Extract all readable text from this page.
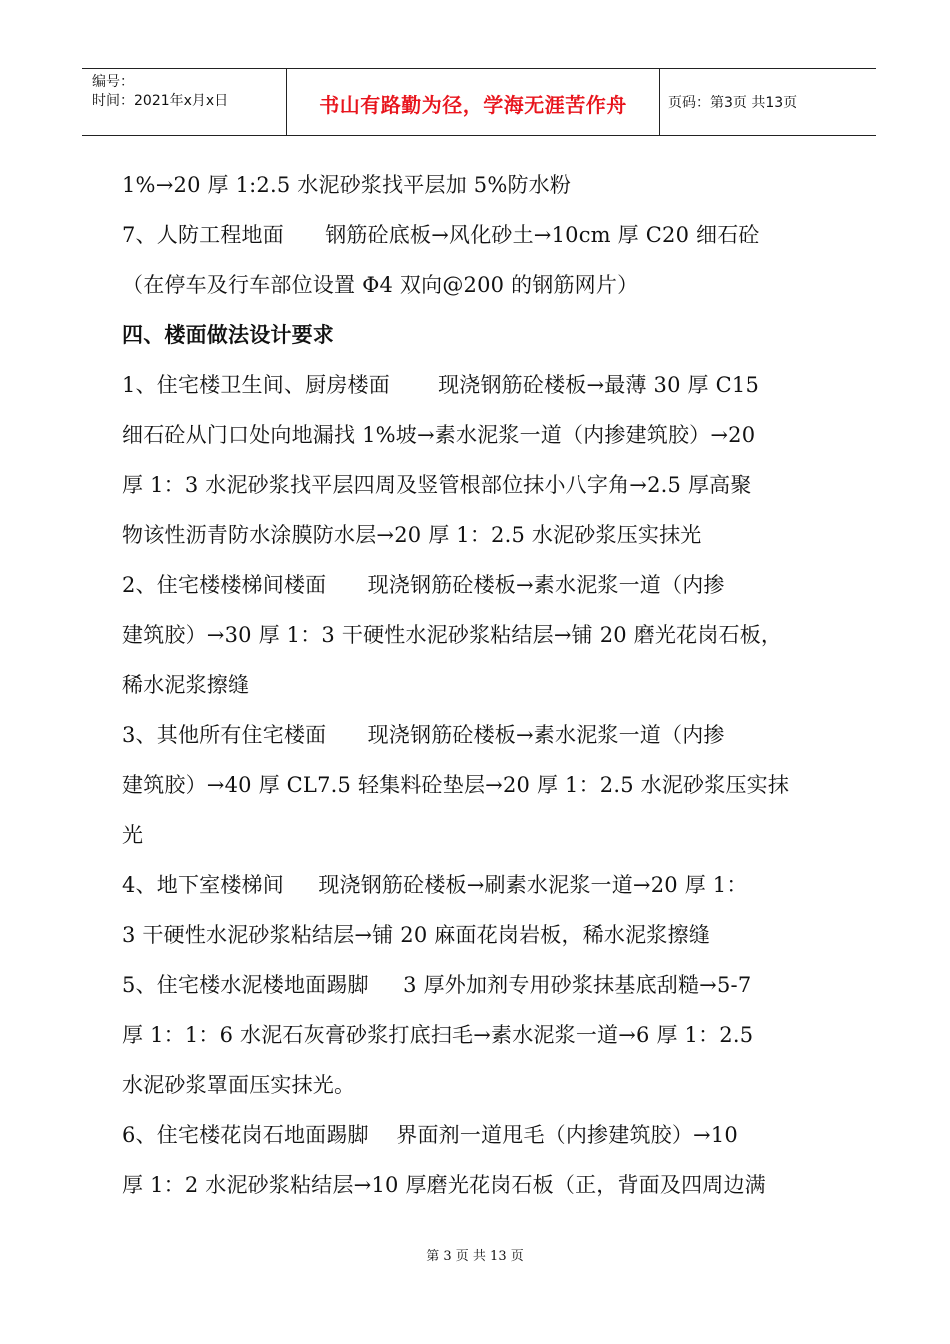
编号：
时间：2021年x月x日	书山有路勤为径，学海无涯苦作舟	页码：第3页 共13页
1%→20 厚 1:2.5 水泥砂浆找平层加 5%防水粉
7、人防工程地面      钢筋砼底板→风化砂土→10cm 厚 C20 细石砼
（在停车及行车部位设置 Φ4 双向@200 的钢筋网片）
四、楼面做法设计要求
1、住宅楼卫生间、厨房楼面       现浇钢筋砼楼板→最薄 30 厚 C15
细石砼从门口处向地漏找 1%坡→素水泥浆一道（内掺建筑胶）→20
厚 1：3 水泥砂浆找平层四周及竖管根部位抹小八字角→2.5 厚高聚
物该性沥青防水涂膜防水层→20 厚 1：2.5 水泥砂浆压实抹光
2、住宅楼楼梯间楼面      现浇钢筋砼楼板→素水泥浆一道（内掺
建筑胶）→30 厚 1：3 干硬性水泥砂浆粘结层→铺 20 磨光花岗石板，
稀水泥浆擦缝
3、其他所有住宅楼面      现浇钢筋砼楼板→素水泥浆一道（内掺
建筑胶）→40 厚 CL7.5 轻集料砼垫层→20 厚 1：2.5 水泥砂浆压实抹
光
4、地下室楼梯间     现浇钢筋砼楼板→刷素水泥浆一道→20 厚 1：
3 干硬性水泥砂浆粘结层→铺 20 麻面花岗岩板，稀水泥浆擦缝
5、住宅楼水泥楼地面踢脚     3 厚外加剂专用砂浆抹基底刮糙→5-7
厚 1：1：6 水泥石灰膏砂浆打底扫毛→素水泥浆一道→6 厚 1：2.5
水泥砂浆罩面压实抹光。
6、住宅楼花岗石地面踢脚    界面剂一道甩毛（内掺建筑胶）→10
厚 1：2 水泥砂浆粘结层→10 厚磨光花岗石板（正，背面及四周边满
第 3 页 共 13 页
